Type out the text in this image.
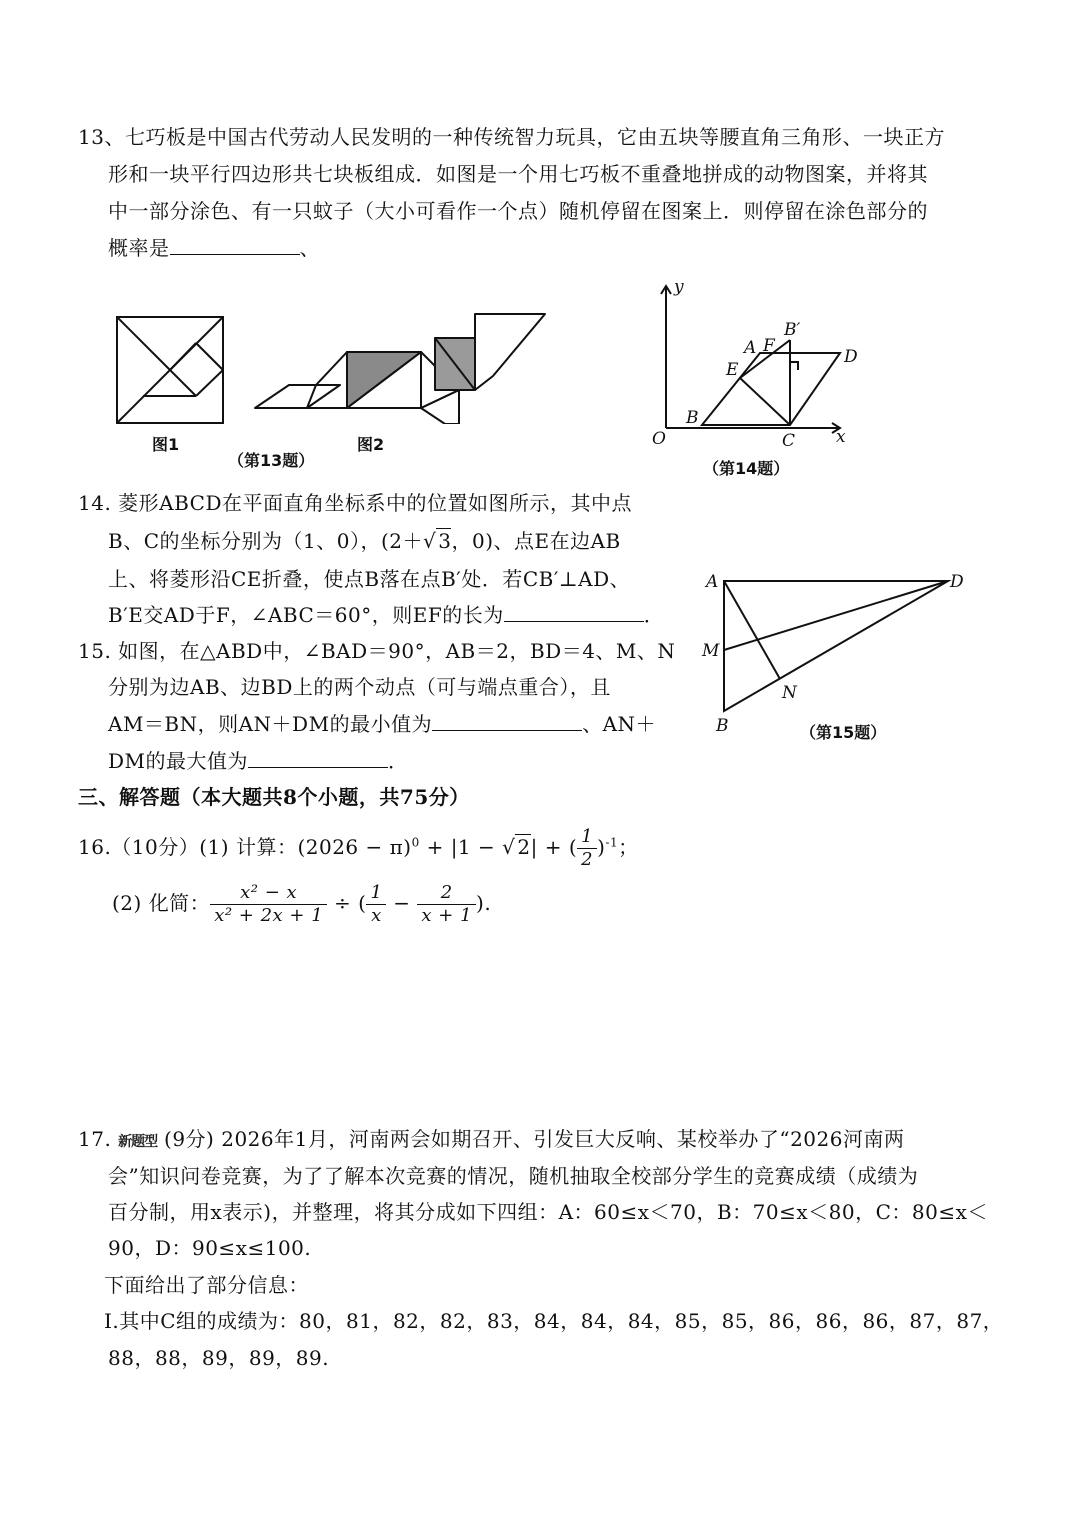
13、七巧板是中国古代劳动人民发明的一种传统智力玩具，它由五块等腰直角三角形、一块正方
形和一块平行四边形共七块板组成．如图是一个用七巧板不重叠地拼成的动物图案，并将其
中一部分涂色、有一只蚊子（大小可看作一个点）随机停留在图案上．则停留在涂色部分的
概率是	、
图1	图2
（第13题）
y
x
O
A F
B′
D
E
B
C
（第14题）
14. 菱形ABCD在平面直角坐标系中的位置如图所示，其中点
B、C的坐标分别为（1、0），(2＋√ 3，0)、点E在边AB
上、将菱形沿CE折叠，使点B落在点B′处．若CB′⊥AD、
B′E交AD于F，∠ABC＝60°，则EF的长为	．
A	D
M
N
B	（第15题）
15. 如图，在△ABD中，∠BAD＝90°，AB＝2，BD＝4、M、N
分别为边AB、边BD上的两个动点（可与端点重合），且
AM＝BN，则AN＋DM的最小值为	、AN＋
DM的最大值为	．
三、解答题（本大题共8个小题，共75分）
16.（10分）(1) 计算：$(2026 - \pi)^0 + |1$ − √ 2| + ( $\frac{1}{2} )^{-1}$；
(2) 化简： $\frac{\text{x² − x}}{\text{x² + 2x + 1}}$ ÷ ( $\frac{1}{x} - \frac{2}{x + 1}$ ).
17. 新题型 (9分) 2026年1月，河南两会如期召开、引发巨大反响、某校举办了“2026河南两
会”知识问卷竞赛，为了了解本次竞赛的情况，随机抽取全校部分学生的竞赛成绩（成绩为
百分制，用x表示)，并整理，将其分成如下四组：A：60≤x＜70，B：70≤x＜80，C：80≤x＜
90，D：90≤x≤100.
下面给出了部分信息：
Ⅰ.其中C组的成绩为：80，81，82，82，83，84，84，84，85，85，86，86，86，87，87，
88，88，89，89，89.
